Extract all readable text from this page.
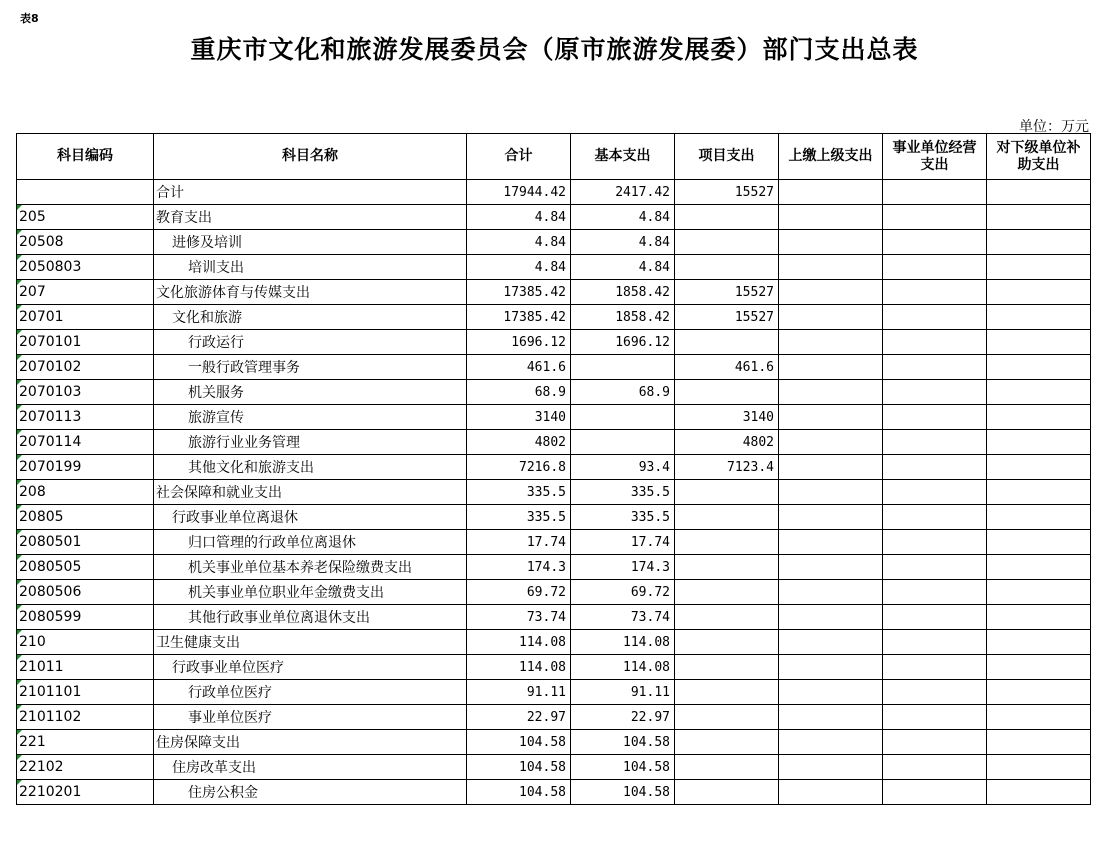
表8
重庆市文化和旅游发展委员会（原市旅游发展委）部门支出总表
单位：万元
科目编码	科目名称	合计	基本支出	项目支出	上缴上级支出	事业单位经营支出	对下级单位补助支出
	合计	17944.42	2417.42	15527			
205	教育支出	4.84	4.84				
20508	进修及培训	4.84	4.84				
2050803	培训支出	4.84	4.84				
207	文化旅游体育与传媒支出	17385.42	1858.42	15527			
20701	文化和旅游	17385.42	1858.42	15527			
2070101	行政运行	1696.12	1696.12				
2070102	一般行政管理事务	461.6		461.6			
2070103	机关服务	68.9	68.9				
2070113	旅游宣传	3140		3140			
2070114	旅游行业业务管理	4802		4802			
2070199	其他文化和旅游支出	7216.8	93.4	7123.4			
208	社会保障和就业支出	335.5	335.5				
20805	行政事业单位离退休	335.5	335.5				
2080501	归口管理的行政单位离退休	17.74	17.74				
2080505	机关事业单位基本养老保险缴费支出	174.3	174.3				
2080506	机关事业单位职业年金缴费支出	69.72	69.72				
2080599	其他行政事业单位离退休支出	73.74	73.74				
210	卫生健康支出	114.08	114.08				
21011	行政事业单位医疗	114.08	114.08				
2101101	行政单位医疗	91.11	91.11				
2101102	事业单位医疗	22.97	22.97				
221	住房保障支出	104.58	104.58				
22102	住房改革支出	104.58	104.58				
2210201	住房公积金	104.58	104.58				
